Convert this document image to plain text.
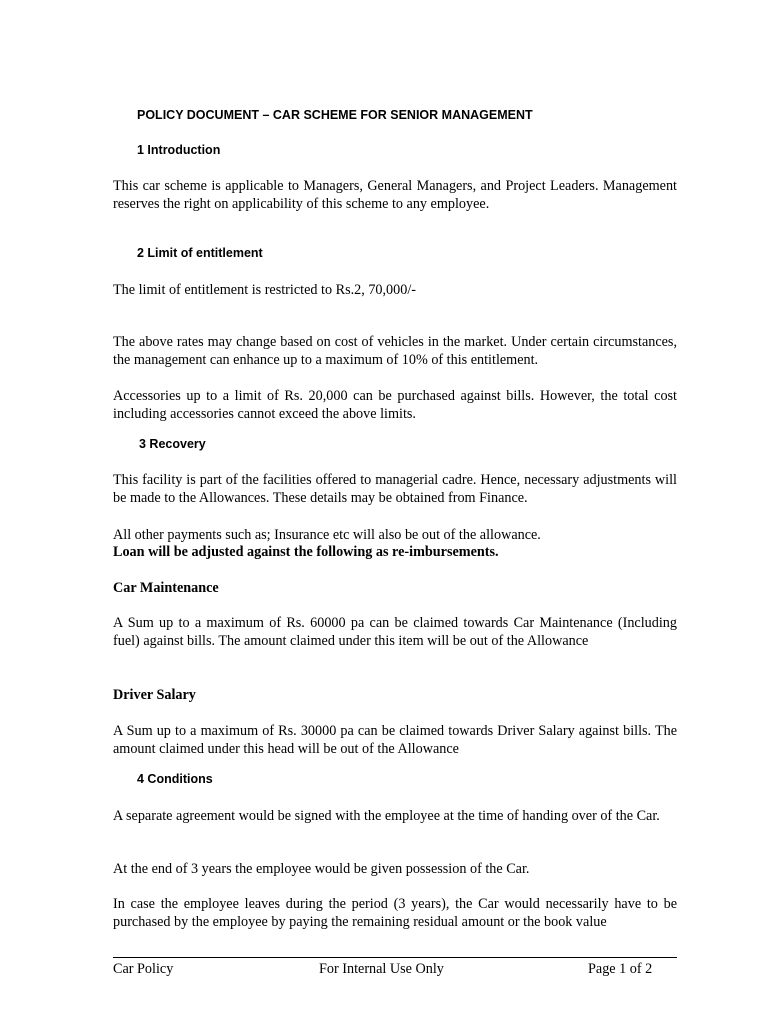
POLICY DOCUMENT – CAR SCHEME FOR SENIOR MANAGEMENT
1 Introduction

This car scheme is applicable to Managers, General Managers, and Project Leaders. Management reserves the right on applicability of this scheme to any employee.

2 Limit of entitlement

The limit of entitlement is restricted to Rs.2, 70,000/-

The above rates may change based on cost of vehicles in the market. Under certain circumstances, the management can enhance up to a maximum of 10% of this entitlement.

Accessories up to a limit of Rs. 20,000 can be purchased against bills. However, the total cost including accessories cannot exceed the above limits.

3 Recovery

This facility is part of the facilities offered to managerial cadre. Hence, necessary adjustments will be made to the Allowances. These details may be obtained from Finance.

All other payments such as; Insurance etc will also be out of the allowance.

Loan will be adjusted against the following as re-imbursements.

Car Maintenance

A Sum up to a maximum of Rs. 60000 pa can be claimed towards Car Maintenance (Including fuel) against bills. The amount claimed under this item will be out of the Allowance

Driver Salary

A Sum up to a maximum of Rs. 30000 pa can be claimed towards Driver Salary against bills. The amount claimed under this head will be out of the Allowance

4 Conditions

A separate agreement would be signed with the employee at the time of handing over of the Car.

At the end of 3 years the employee would be given possession of the Car.

In case the employee leaves during the period (3 years), the Car would necessarily have to be purchased by the employee by paying the remaining residual amount or the book value

Car Policy	For Internal Use Only	Page 1 of 2
